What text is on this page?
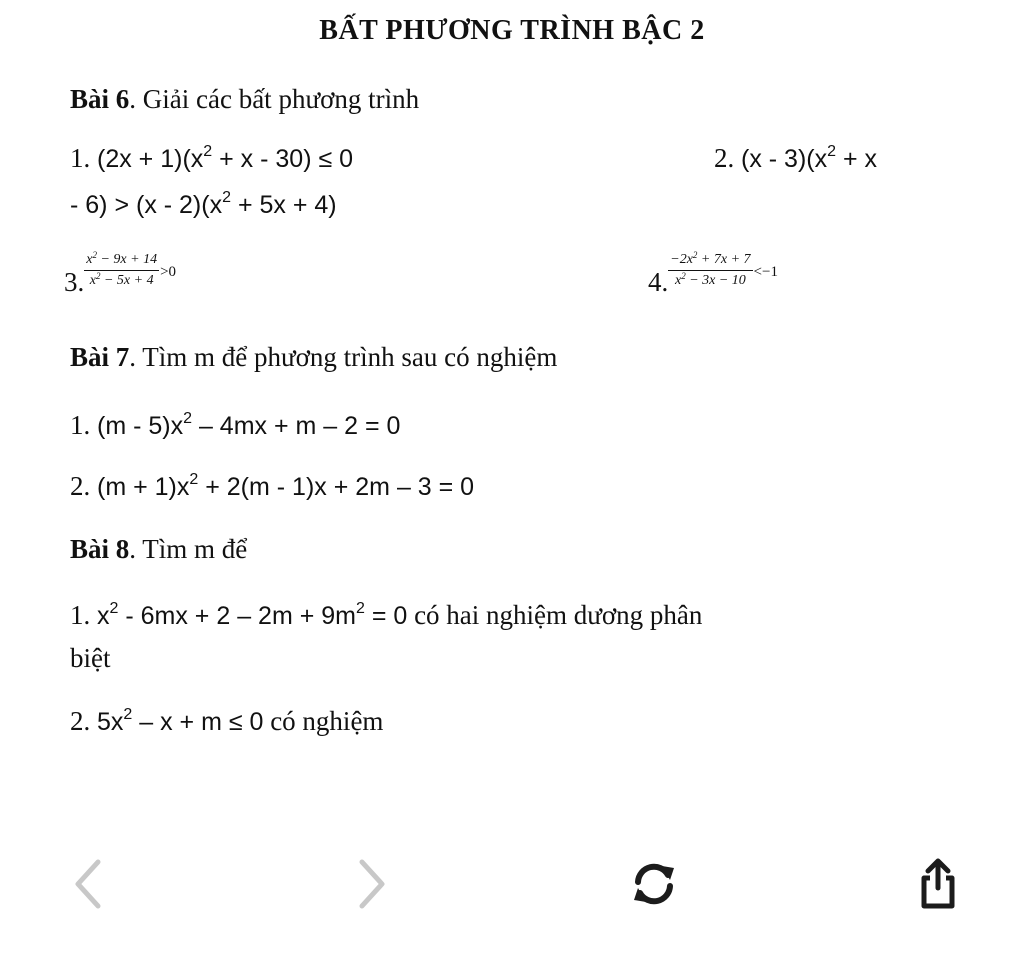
BẤT PHƯƠNG TRÌNH BẬC 2
Bài 6. Giải các bất phương trình
1. $(2x + 1)(x^2 + x - 30) \le 0$	2. $(x - 3)(x^2 + x$
- $6) > (x - 2)(x^2 + 5x + 4)$
3. $\frac{x^2 - 9x + 14}{x^2 - 5x + 4} >0$	4. $\frac{-2x^2 + 7x + 7}{x^2 - 3x - 10} <-1$
Bài 7. Tìm m để phương trình sau có nghiệm
1. $(m - 5)x^2 - 4mx + m - 2 = 0$
2. $(m + 1)x^2 + 2(m - 1)x + 2m - 3 = 0$
Bài 8. Tìm m để
1. $x^2 - 6mx + 2 - 2m + 9m^2 = 0$ có hai nghiệm dương phân
biệt
2. $5x^2 - x + m \le 0$ có nghiệm
